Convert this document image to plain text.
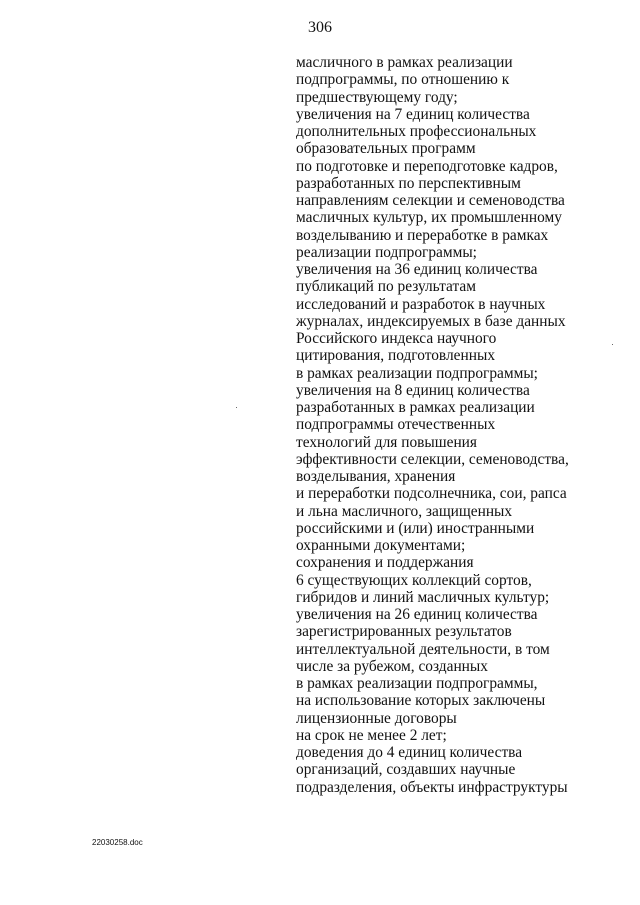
306
масличного в рамках реализации
подпрограммы, по отношению к
предшествующему году;
увеличения на 7 единиц количества
дополнительных профессиональных
образовательных программ
по подготовке и переподготовке кадров,
разработанных по перспективным
направлениям селекции и семеноводства
масличных культур, их промышленному
возделыванию и переработке в рамках
реализации подпрограммы;
увеличения на 36 единиц количества
публикаций по результатам
исследований и разработок в научных
журналах, индексируемых в базе данных
Российского индекса научного
цитирования, подготовленных
в рамках реализации подпрограммы;
увеличения на 8 единиц количества
разработанных в рамках реализации
подпрограммы отечественных
технологий для повышения
эффективности селекции, семеноводства,
возделывания, хранения
и переработки подсолнечника, сои, рапса
и льна масличного, защищенных
российскими и (или) иностранными
охранными документами;
сохранения и поддержания
6 существующих коллекций сортов,
гибридов и линий масличных культур;
увеличения на 26 единиц количества
зарегистрированных результатов
интеллектуальной деятельности, в том
числе за рубежом, созданных
в рамках реализации подпрограммы,
на использование которых заключены
лицензионные договоры
на срок не менее 2 лет;
доведения до 4 единиц количества
организаций, создавших научные
подразделения, объекты инфраструктуры
22030258.doc
